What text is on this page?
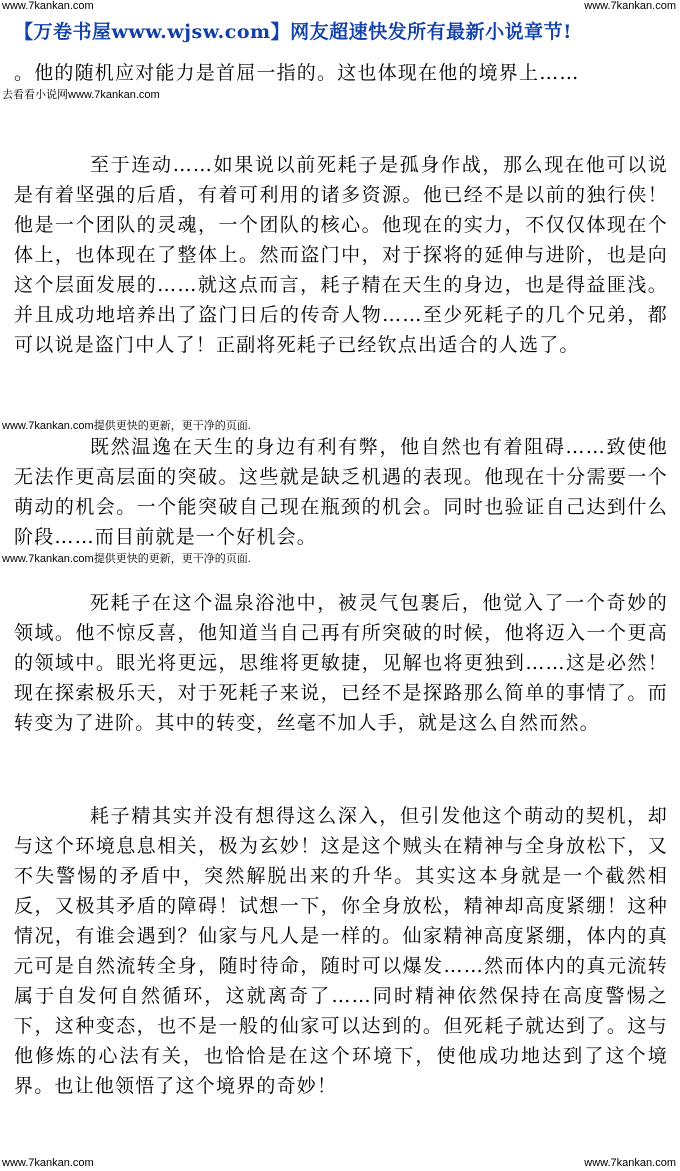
www.7kankan.com	www.7kankan.com
【万卷书屋www.wjsw.com】网友超速快发所有最新小说章节!
。他的随机应对能力是首屈一指的。这也体现在他的境界上……
去看看小说网www.7kankan.com

至于连动……如果说以前死耗子是孤身作战，那么现在他可以说是有着坚强的后盾，有着可利用的诸多资源。他已经不是以前的独行侠！他是一个团队的灵魂，一个团队的核心。他现在的实力，不仅仅体现在个体上，也体现在了整体上。然而盗门中，对于探将的延伸与进阶，也是向这个层面发展的……就这点而言，耗子精在天生的身边，也是得益匪浅。并且成功地培养出了盗门日后的传奇人物……至少死耗子的几个兄弟，都可以说是盗门中人了！正副将死耗子已经钦点出适合的人选了。

www.7kankan.com提供更快的更新，更干净的页面.

既然温逸在天生的身边有利有弊，他自然也有着阻碍……致使他无法作更高层面的突破。这些就是缺乏机遇的表现。他现在十分需要一个萌动的机会。一个能突破自己现在瓶颈的机会。同时也验证自己达到什么阶段……而目前就是一个好机会。

www.7kankan.com提供更快的更新，更干净的页面.

死耗子在这个温泉浴池中，被灵气包裹后，他觉入了一个奇妙的领域。他不惊反喜，他知道当自己再有所突破的时候，他将迈入一个更高的领域中。眼光将更远，思维将更敏捷，见解也将更独到……这是必然！现在探索极乐天，对于死耗子来说，已经不是探路那么简单的事情了。而转变为了进阶。其中的转变，丝毫不加人手，就是这么自然而然。

耗子精其实并没有想得这么深入，但引发他这个萌动的契机，却与这个环境息息相关，极为玄妙！这是这个贼头在精神与全身放松下，又不失警惕的矛盾中，突然解脱出来的升华。其实这本身就是一个截然相反，又极其矛盾的障碍！试想一下，你全身放松，精神却高度紧绷！这种情况，有谁会遇到？仙家与凡人是一样的。仙家精神高度紧绷，体内的真元可是自然流转全身，随时待命，随时可以爆发……然而体内的真元流转属于自发何自然循环，这就离奇了……同时精神依然保持在高度警惕之下，这种变态，也不是一般的仙家可以达到的。但死耗子就达到了。这与他修炼的心法有关，也恰恰是在这个环境下，使他成功地达到了这个境界。也让他领悟了这个境界的奇妙！

www.7kankan.com	www.7kankan.com
